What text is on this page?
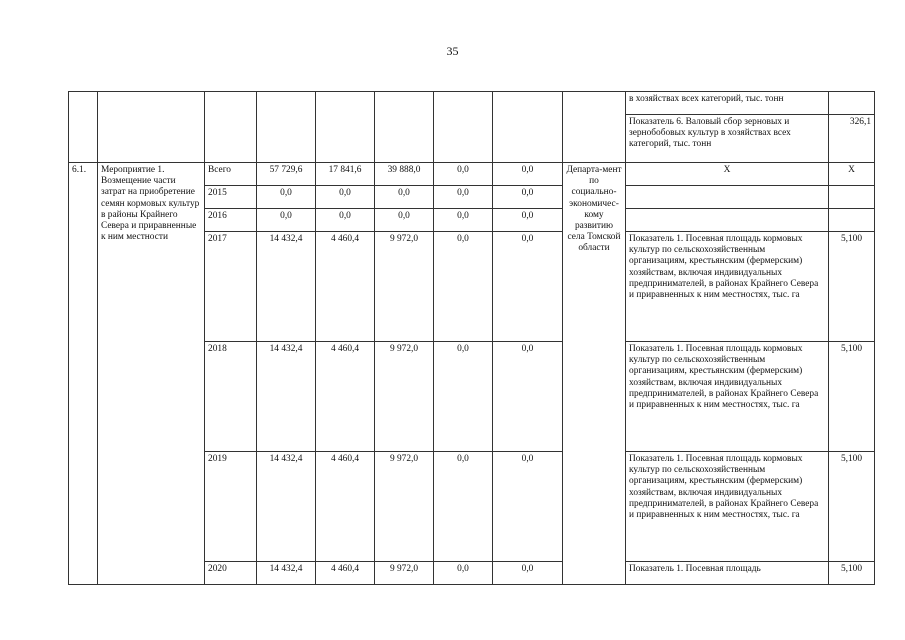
35
									в хозяйствах всех категорий, тыс. тонн	
									Показатель 6. Валовый сбор зерновых и зернобобовых культур в хозяйствах всех категорий, тыс. тонн	326,1
6.1.	Мероприятие 1. Возмещение части затрат на приобретение семян кормовых культур в районы Крайнего Севера и приравненные к ним местности	Всего	57 729,6	17 841,6	39 888,0	0,0	0,0	Департа-мент по социально-экономичес-кому развитию села Томской области	Х	Х
		2015	0,0	0,0	0,0	0,0	0,0			
		2016	0,0	0,0	0,0	0,0	0,0			
		2017	14 432,4	4 460,4	9 972,0	0,0	0,0		Показатель 1. Посевная площадь кормовых культур по сельскохозяйственным организациям, крестьянским (фермерским) хозяйствам, включая индивидуальных предпринимателей, в районах Крайнего Севера и приравненных к ним местностях, тыс. га	5,100
		2018	14 432,4	4 460,4	9 972,0	0,0	0,0		Показатель 1. Посевная площадь кормовых культур по сельскохозяйственным организациям, крестьянским (фермерским) хозяйствам, включая индивидуальных предпринимателей, в районах Крайнего Севера и приравненных к ним местностях, тыс. га	5,100
		2019	14 432,4	4 460,4	9 972,0	0,0	0,0		Показатель 1. Посевная площадь кормовых культур по сельскохозяйственным организациям, крестьянским (фермерским) хозяйствам, включая индивидуальных предпринимателей, в районах Крайнего Севера и приравненных к ним местностях, тыс. га	5,100
		2020	14 432,4	4 460,4	9 972,0	0,0	0,0		Показатель 1. Посевная площадь	5,100
